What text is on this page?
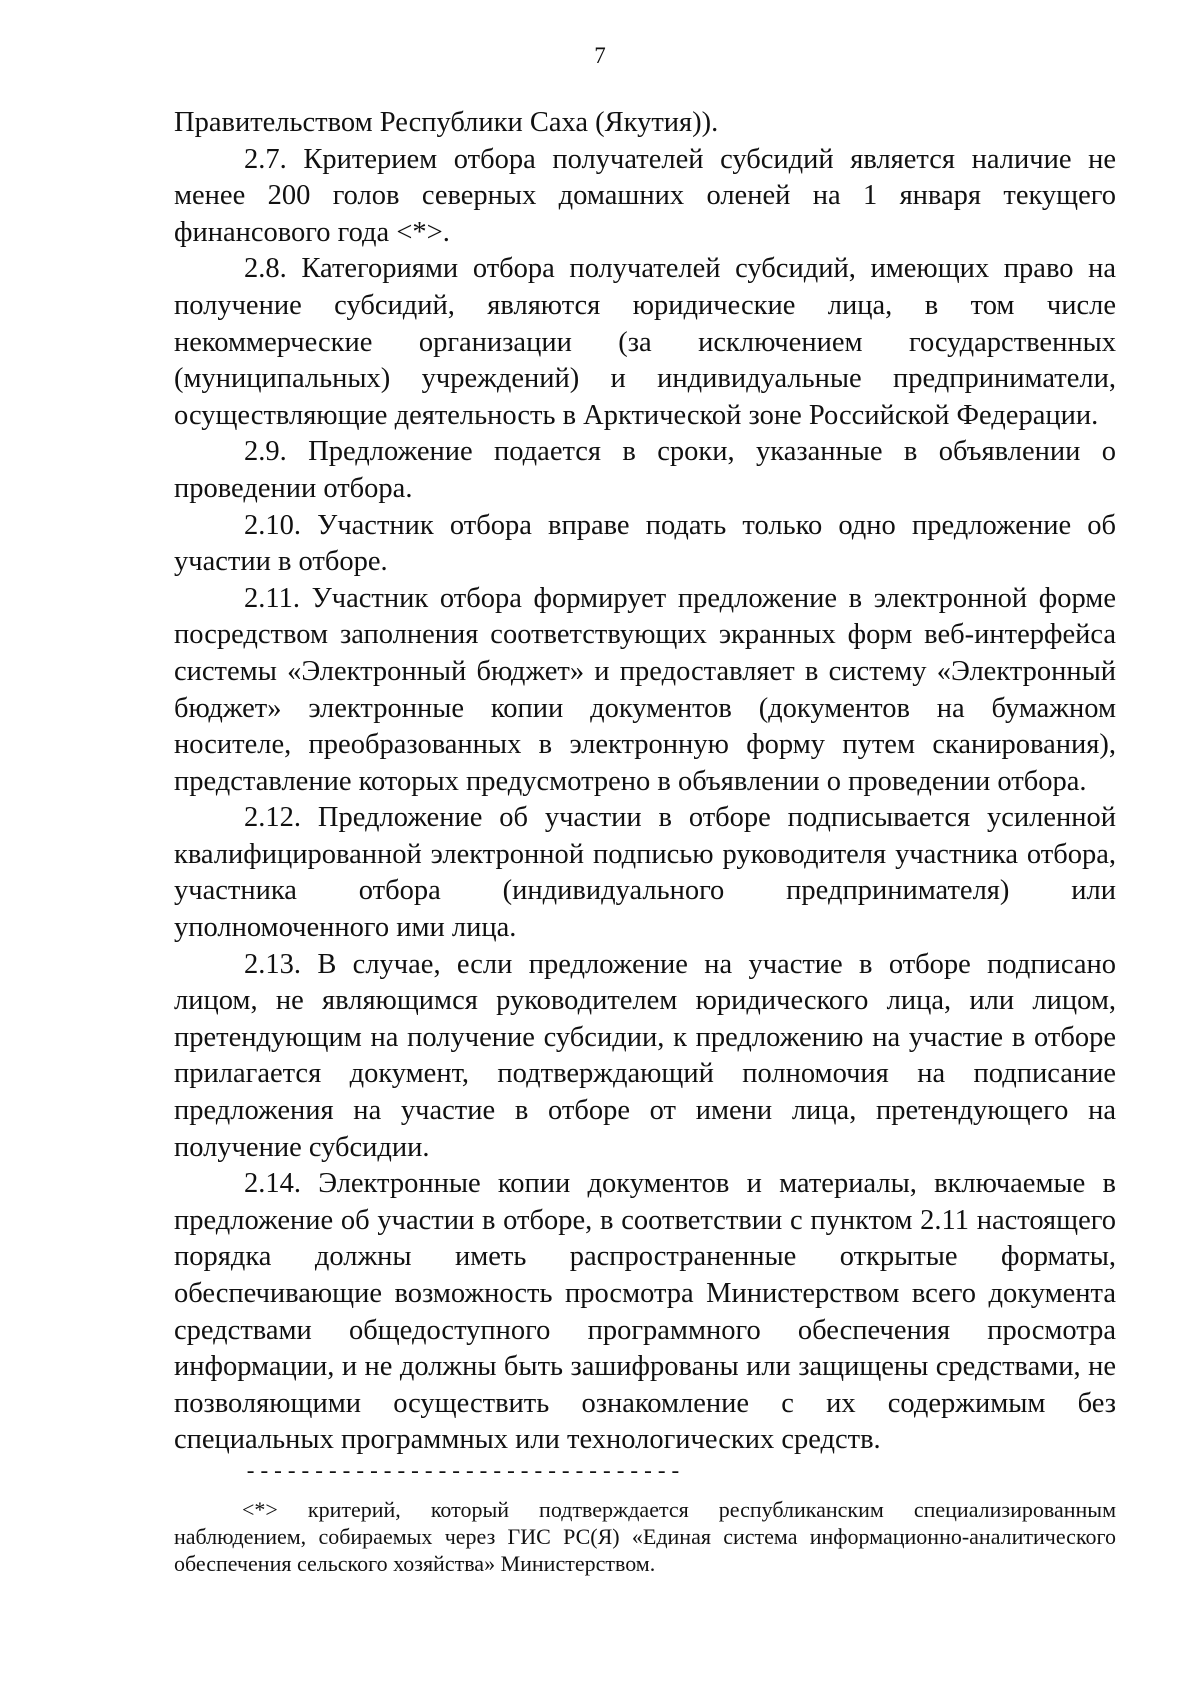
7

Правительством Республики Саха (Якутия)).

2.7. Критерием отбора получателей субсидий является наличие не менее 200 голов северных домашних оленей на 1 января текущего финансового года <*>.

2.8. Категориями отбора получателей субсидий, имеющих право на получение субсидий, являются юридические лица, в том числе некоммерческие организации (за исключением государственных (муниципальных) учреждений) и индивидуальные предприниматели, осуществляющие деятельность в Арктической зоне Российской Федерации.

2.9. Предложение подается в сроки, указанные в объявлении о проведении отбора.

2.10. Участник отбора вправе подать только одно предложение об участии в отборе.

2.11. Участник отбора формирует предложение в электронной форме посредством заполнения соответствующих экранных форм веб-интерфейса системы «Электронный бюджет» и предоставляет в систему «Электронный бюджет» электронные копии документов (документов на бумажном носителе, преобразованных в электронную форму путем сканирования), представление которых предусмотрено в объявлении о проведении отбора.

2.12. Предложение об участии в отборе подписывается усиленной квалифицированной электронной подписью руководителя участника отбора, участника отбора (индивидуального предпринимателя) или уполномоченного ими лица.

2.13. В случае, если предложение на участие в отборе подписано лицом, не являющимся руководителем юридического лица, или лицом, претендующим на получение субсидии, к предложению на участие в отборе прилагается документ, подтверждающий полномочия на подписание предложения на участие в отборе от имени лица, претендующего на получение субсидии.

2.14. Электронные копии документов и материалы, включаемые в предложение об участии в отборе, в соответствии с пунктом 2.11 настоящего порядка должны иметь распространенные открытые форматы, обеспечивающие возможность просмотра Министерством всего документа средствами общедоступного программного обеспечения просмотра информации, и не должны быть зашифрованы или защищены средствами, не позволяющими осуществить ознакомление с их содержимым без специальных программных или технологических средств.

--------------------------------

<*> критерий, который подтверждается республиканским специализированным наблюдением, собираемых через ГИС РС(Я) «Единая система информационно-аналитического обеспечения сельского хозяйства» Министерством.
